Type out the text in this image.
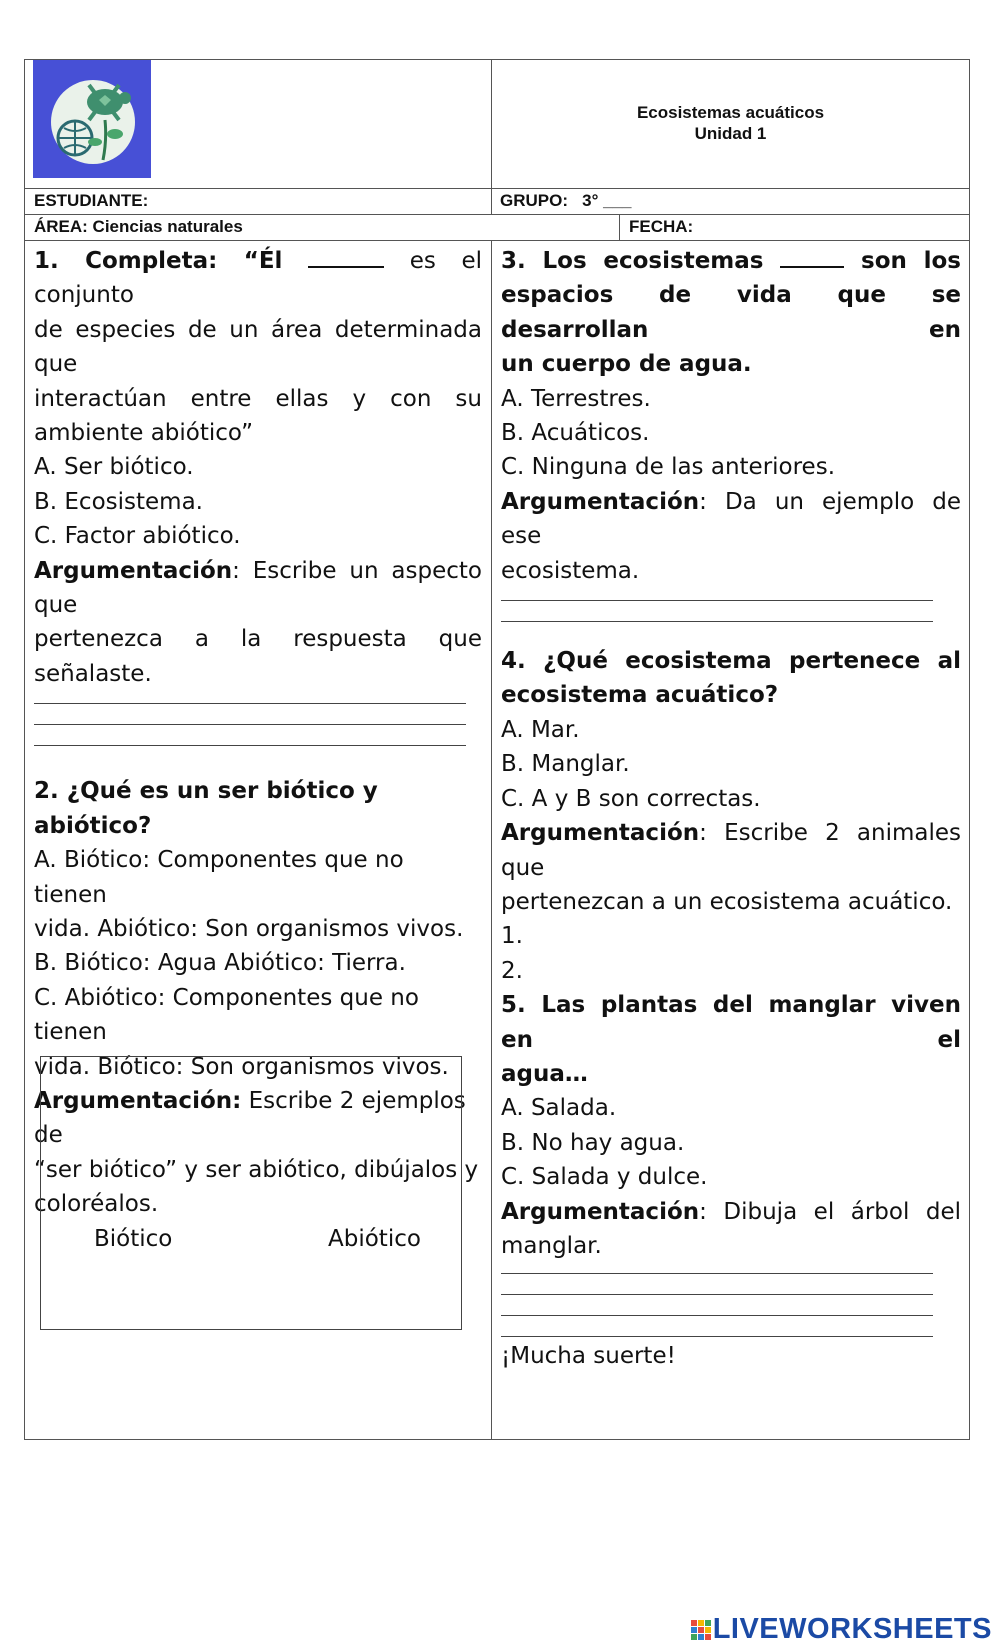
Ecosistemas acuáticos
Unidad 1
ESTUDIANTE:	GRUPO: 3° ___
ÁREA: Ciencias naturales	FECHA:

1. Completa: “Él	es el conjunto

de especies de un área determinada que

interactúan entre ellas y con su

ambiente abiótico”

A. Ser biótico.

B. Ecosistema.

C. Factor abiótico.

Argumentación: Escribe un aspecto que

pertenezca a la respuesta que

señalaste.

2. ¿Qué es un ser biótico y

abiótico?

A. Biótico: Componentes que no tienen

vida. Abiótico: Son organismos vivos.

B. Biótico: Agua Abiótico: Tierra.

C. Abiótico: Componentes que no tienen

vida. Biótico: Son organismos vivos.

Argumentación: Escribe 2 ejemplos de

“ser biótico” y ser abiótico, dibújalos y

coloréalos.

Biótico	Abiótico

3. Los ecosistemas	son los

espacios de vida que se desarrollan en

un cuerpo de agua.

A. Terrestres.

B. Acuáticos.

C. Ninguna de las anteriores.

Argumentación: Da un ejemplo de ese

ecosistema.

4. ¿Qué ecosistema pertenece al

ecosistema acuático?

A. Mar.

B. Manglar.

C. A y B son correctas.

Argumentación: Escribe 2 animales que

pertenezcan a un ecosistema acuático.

1.

2.

5. Las plantas del manglar viven en el

agua…

A. Salada.

B. No hay agua.

C. Salada y dulce.

Argumentación: Dibuja el árbol del

manglar.

¡Mucha suerte!

LIVEWORKSHEETS
